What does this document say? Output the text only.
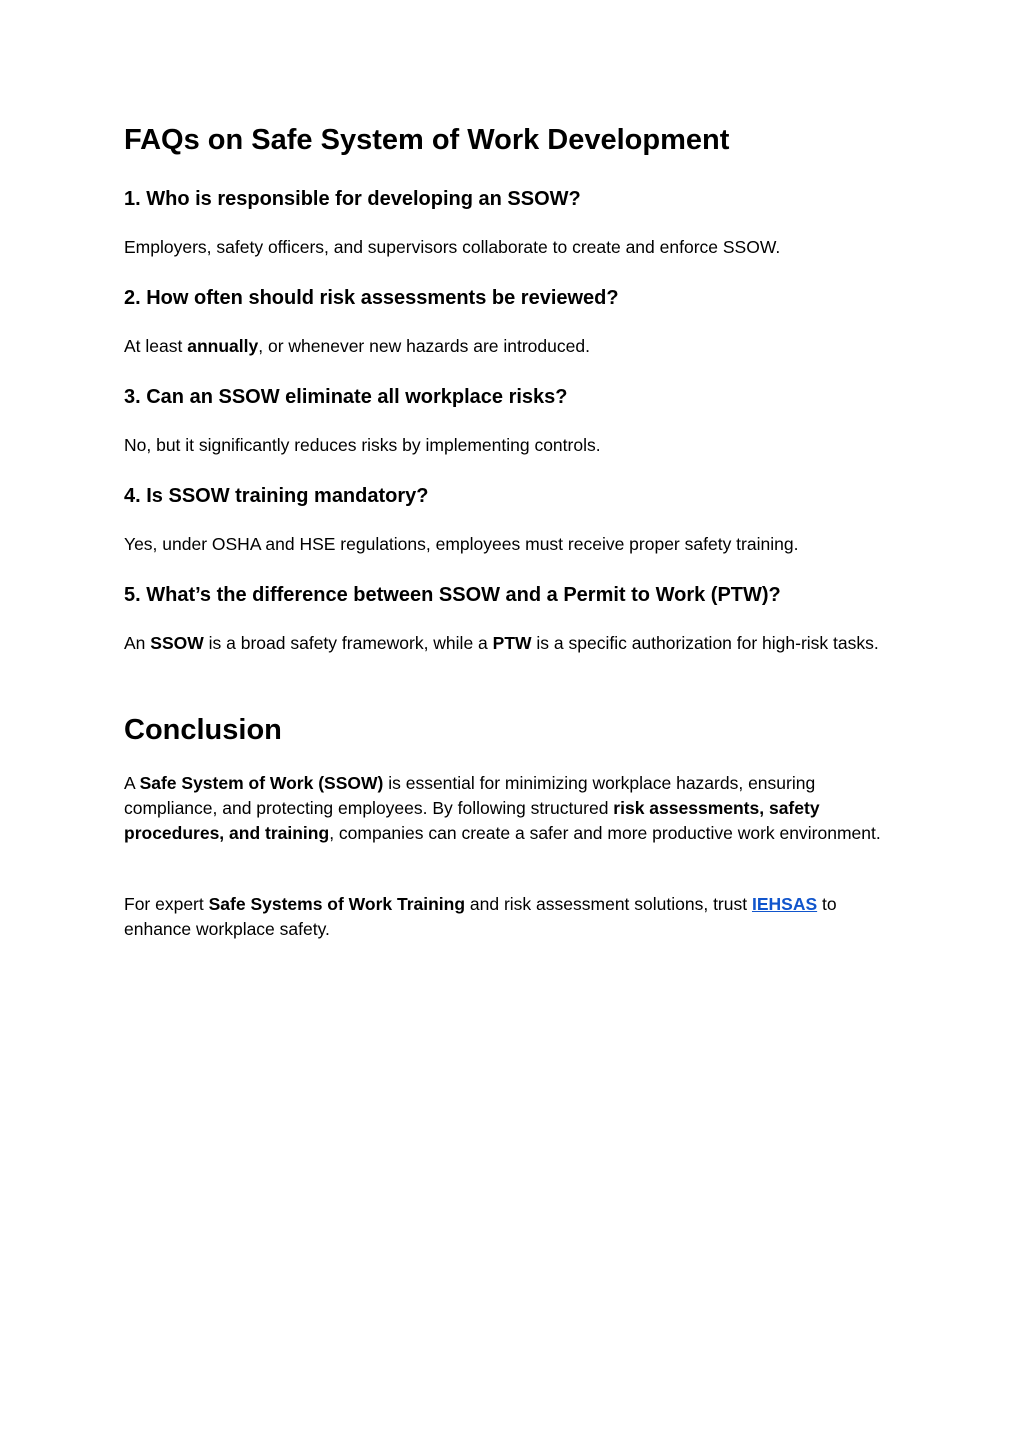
FAQs on Safe System of Work Development
1. Who is responsible for developing an SSOW?

Employers, safety officers, and supervisors collaborate to create and enforce SSOW.

2. How often should risk assessments be reviewed?

At least annually, or whenever new hazards are introduced.

3. Can an SSOW eliminate all workplace risks?

No, but it significantly reduces risks by implementing controls.

4. Is SSOW training mandatory?

Yes, under OSHA and HSE regulations, employees must receive proper safety training.

5. What’s the difference between SSOW and a Permit to Work (PTW)?

An SSOW is a broad safety framework, while a PTW is a specific authorization for high-risk tasks.

Conclusion

A Safe System of Work (SSOW) is essential for minimizing workplace hazards, ensuring compliance, and protecting employees. By following structured risk assessments, safety procedures, and training, companies can create a safer and more productive work environment.

For expert Safe Systems of Work Training and risk assessment solutions, trust IEHSAS to enhance workplace safety.
